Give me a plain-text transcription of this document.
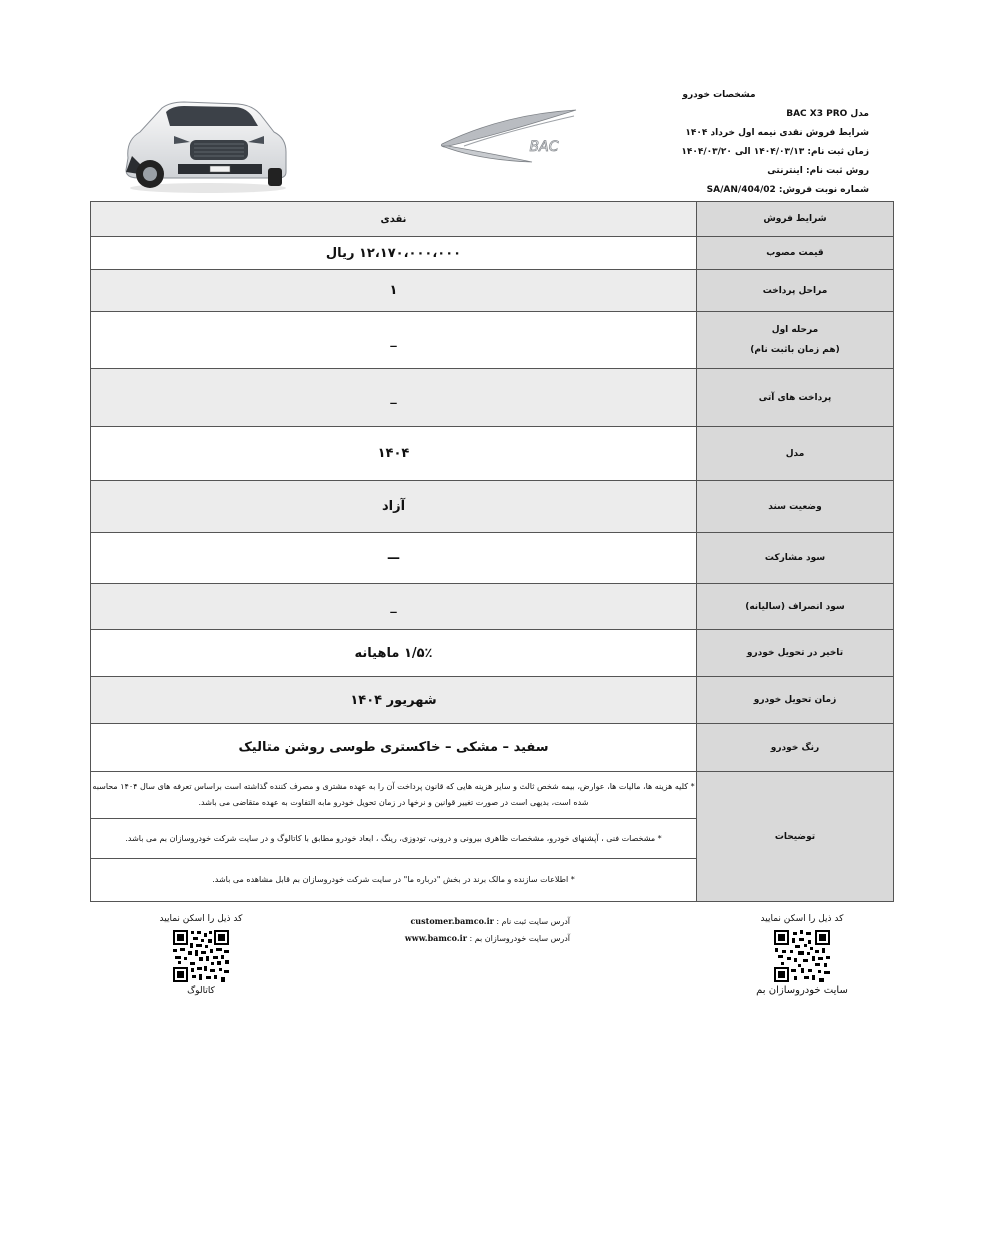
مشخصات خودرو
مدل BAC X3 PRO
شرایط فروش نقدی نیمه اول خرداد ۱۴۰۴
زمان ثبت نام: ۱۴۰۴/۰۳/۱۳ الی ۱۴۰۴/۰۳/۲۰
روش ثبت نام: اینترنتی
شماره نوبت فروش: SA/AN/404/02
BAC
نقدی	شرایط فروش
۱۲،۱۷۰،۰۰۰،۰۰۰ ریال	قیمت مصوب
۱	مراحل پرداخت
_	مرحله اول
(هم زمان باثبت نام)

_	پرداخت های آتی
۱۴۰۴	مدل
آزاد	وضعیت سند
—	سود مشارکت
_	سود انصراف (سالیانه)
۱/۵٪ ماهیانه	تاخیر در تحویل خودرو
شهریور ۱۴۰۴	زمان تحویل خودرو
سفید – مشکی – خاکستری طوسی روشن متالیک	رنگ خودرو
* کلیه هزینه ها، مالیات ها، عوارض، بیمه شخص ثالث و سایر هزینه هایی که قانون پرداخت آن را به عهده مشتری و مصرف کننده گذاشته است براساس تعرفه های سال ۱۴۰۴ محاسبه شده است، بدیهی است در صورت تغییر قوانین و نرخها در زمان تحویل خودرو مابه التفاوت به عهده متقاضی می باشد.	توضیحات
* مشخصات فنی ، آپشنهای خودرو، مشخصات ظاهری بیرونی و درونی، تودوزی، رینگ ، ابعاد خودرو مطابق با کاتالوگ و در سایت شرکت خودروسازان بم می باشد.	
* اطلاعات سازنده و مالک برند در بخش "درباره ما" در سایت شرکت خودروسازان بم قابل مشاهده می باشد.	
آدرس سایت ثبت نام : customer.bamco.ir
آدرس سایت خودروسازان بم : www.bamco.ir
کد ذیل را اسکن نمایید
کاتالوگ
کد ذیل را اسکن نمایید
سایت خودروسازان بم
